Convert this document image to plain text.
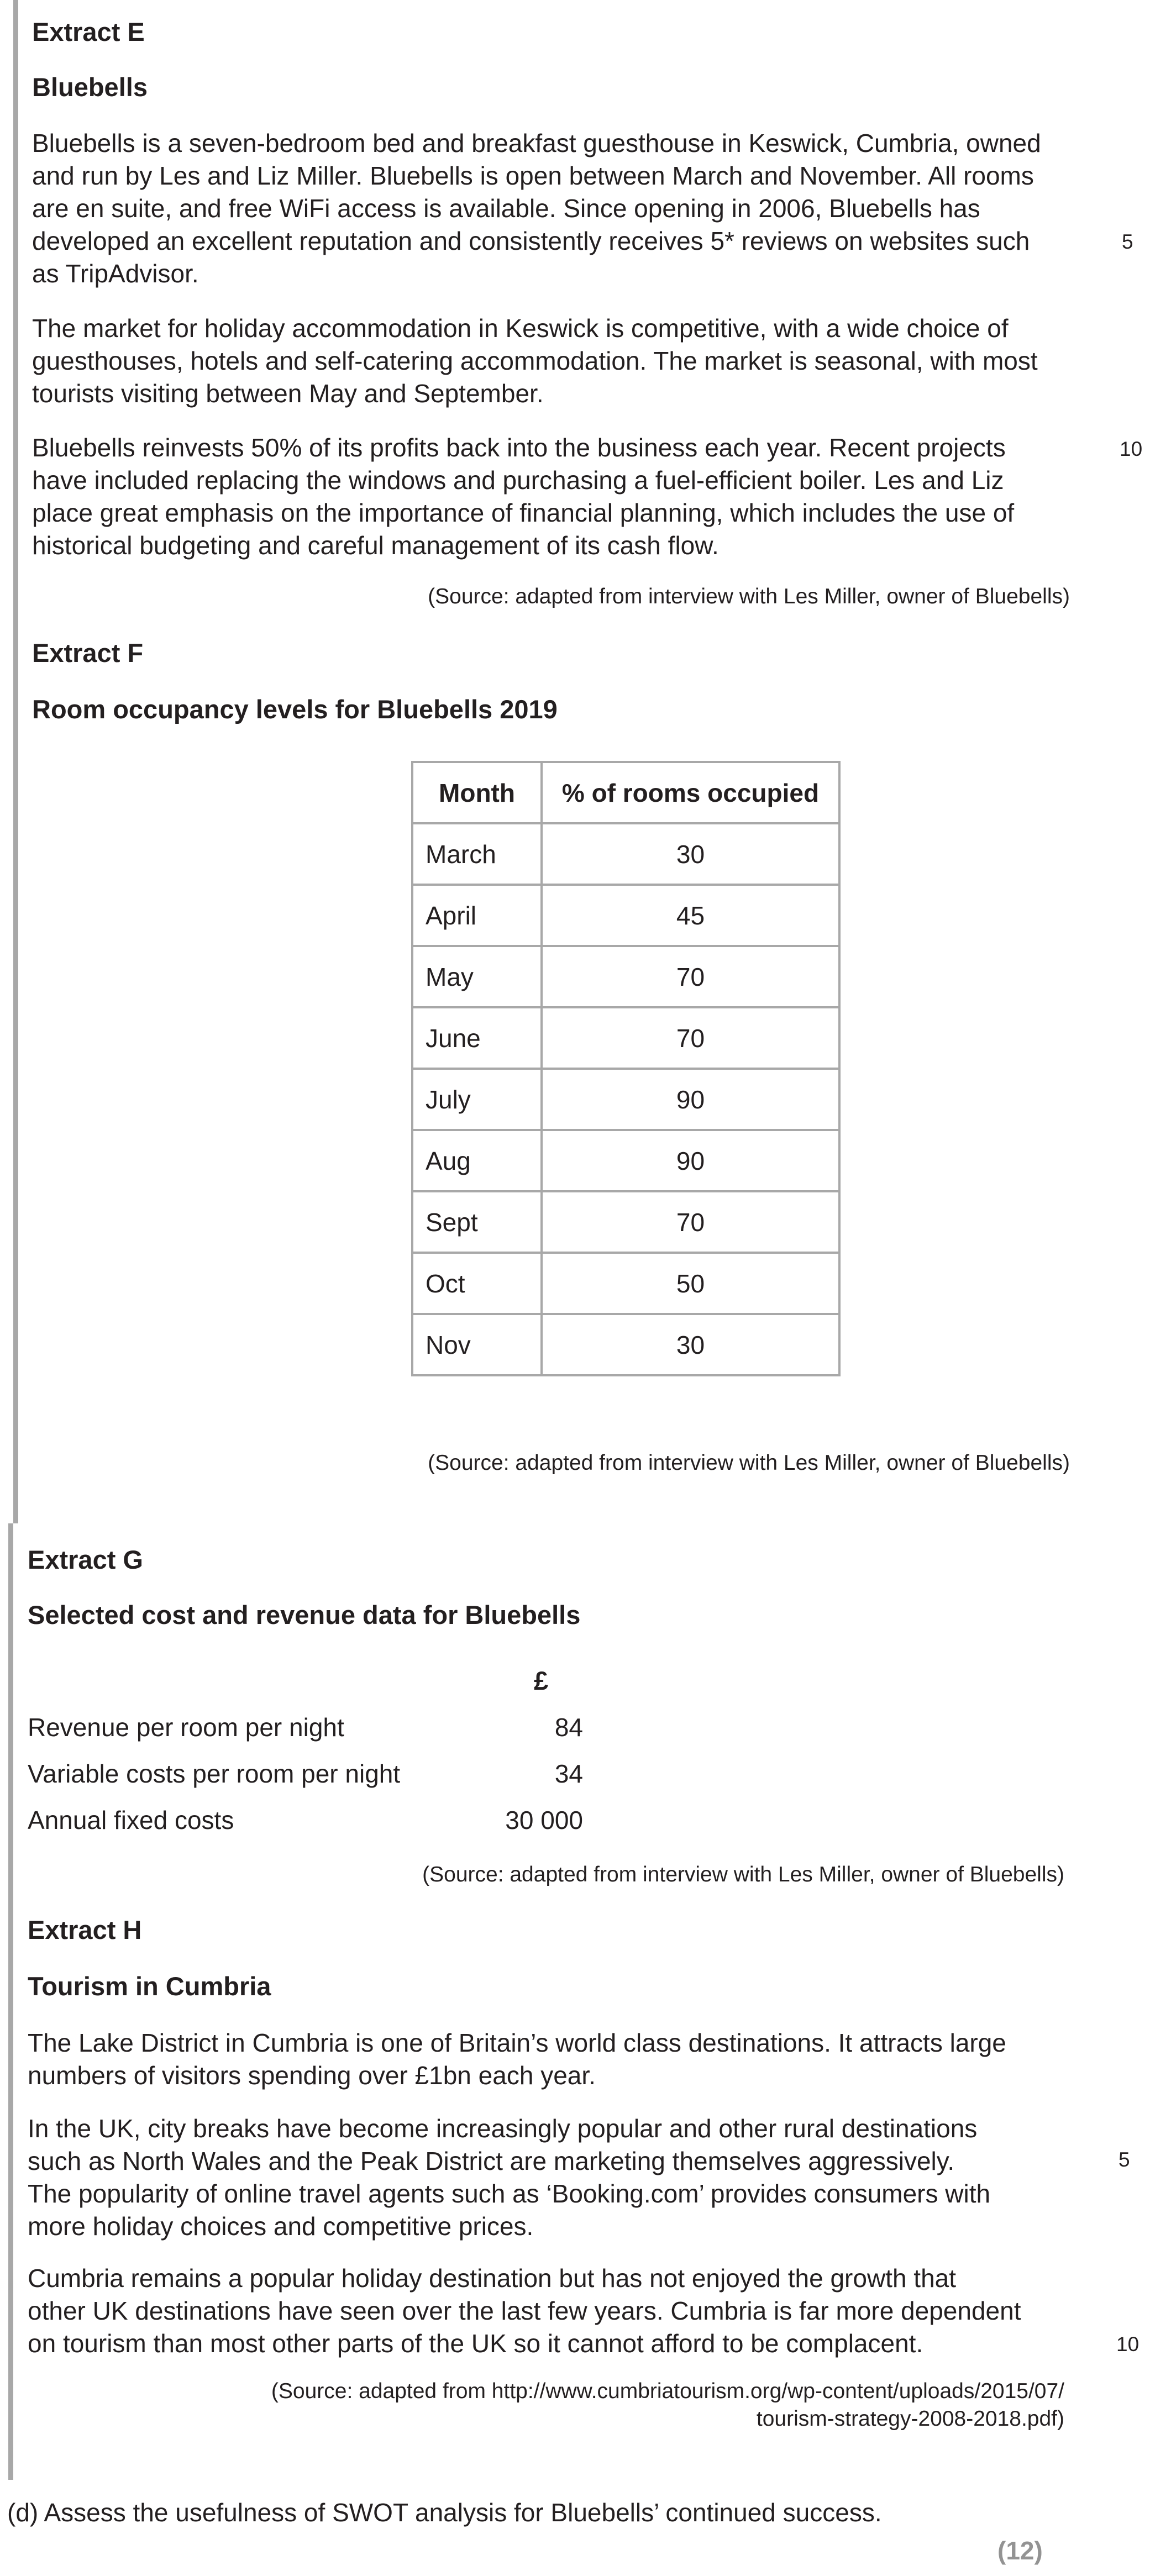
Extract E
Bluebells
Bluebells is a seven-bedroom bed and breakfast guesthouse in Keswick, Cumbria, owned
and run by Les and Liz Miller. Bluebells is open between March and November. All rooms
are en suite, and free WiFi access is available. Since opening in 2006, Bluebells has
developed an excellent reputation and consistently receives 5* reviews on websites such
as TripAdvisor.
5
The market for holiday accommodation in Keswick is competitive, with a wide choice of
guesthouses, hotels and self-catering accommodation. The market is seasonal, with most
tourists visiting between May and September.
Bluebells reinvests 50% of its profits back into the business each year. Recent projects
have included replacing the windows and purchasing a fuel-efficient boiler. Les and Liz
place great emphasis on the importance of financial planning, which includes the use of
historical budgeting and careful management of its cash flow.
10
(Source: adapted from interview with Les Miller, owner of Bluebells)
Extract F
Room occupancy levels for Bluebells 2019
Month	% of rooms occupied
March	30
April	45
May	70
June	70
July	90
Aug	90
Sept	70
Oct	50
Nov	30
(Source: adapted from interview with Les Miller, owner of Bluebells)
Extract G
Selected cost and revenue data for Bluebells
£
Revenue per room per night	84
Variable costs per room per night	34
Annual fixed costs	30 000
(Source: adapted from interview with Les Miller, owner of Bluebells)
Extract H
Tourism in Cumbria
The Lake District in Cumbria is one of Britain’s world class destinations. It attracts large
numbers of visitors spending over £1bn each year.
In the UK, city breaks have become increasingly popular and other rural destinations
such as North Wales and the Peak District are marketing themselves aggressively.
The popularity of online travel agents such as ‘Booking.com’ provides consumers with
more holiday choices and competitive prices.
5
Cumbria remains a popular holiday destination but has not enjoyed the growth that
other UK destinations have seen over the last few years. Cumbria is far more dependent
on tourism than most other parts of the UK so it cannot afford to be complacent.	10
(Source: adapted from http://www.cumbriatourism.org/wp-content/uploads/2015/07/
tourism-strategy-2008-2018.pdf)
(d) Assess the usefulness of SWOT analysis for Bluebells’ continued success.
(12)
